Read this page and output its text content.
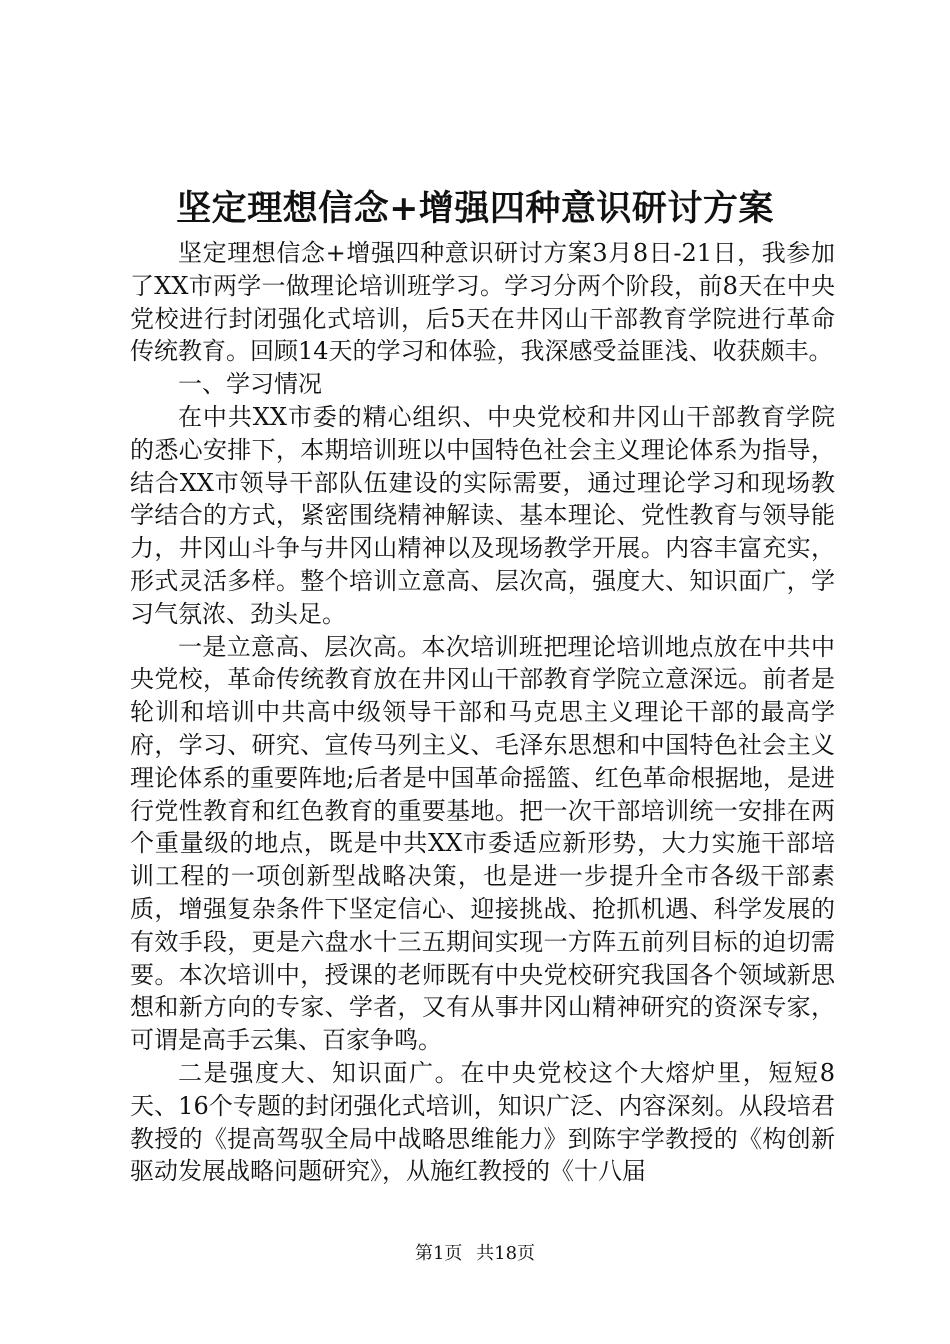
坚定理想信念+增强四种意识研讨方案

坚定理想信念+增强四种意识研讨方案3月8日-21日，我参加了XX市两学一做理论培训班学习。学习分两个阶段，前8天在中央党校进行封闭强化式培训，后5天在井冈山干部教育学院进行革命传统教育。回顾14天的学习和体验，我深感受益匪浅、收获颇丰。

一、学习情况

在中共XX市委的精心组织、中央党校和井冈山干部教育学院的悉心安排下，本期培训班以中国特色社会主义理论体系为指导，结合XX市领导干部队伍建设的实际需要，通过理论学习和现场教学结合的方式，紧密围绕精神解读、基本理论、党性教育与领导能力，井冈山斗争与井冈山精神以及现场教学开展。内容丰富充实，形式灵活多样。整个培训立意高、层次高，强度大、知识面广，学习气氛浓、劲头足。

一是立意高、层次高。本次培训班把理论培训地点放在中共中央党校，革命传统教育放在井冈山干部教育学院立意深远。前者是轮训和培训中共高中级领导干部和马克思主义理论干部的最高学府，学习、研究、宣传马列主义、毛泽东思想和中国特色社会主义理论体系的重要阵地;后者是中国革命摇篮、红色革命根据地，是进行党性教育和红色教育的重要基地。把一次干部培训统一安排在两个重量级的地点，既是中共XX市委适应新形势，大力实施干部培训工程的一项创新型战略决策，也是进一步提升全市各级干部素质，增强复杂条件下坚定信心、迎接挑战、抢抓机遇、科学发展的有效手段，更是六盘水十三五期间实现一方阵五前列目标的迫切需要。本次培训中，授课的老师既有中央党校研究我国各个领域新思想和新方向的专家、学者，又有从事井冈山精神研究的资深专家，可谓是高手云集、百家争鸣。

二是强度大、知识面广。在中央党校这个大熔炉里，短短8天、16个专题的封闭强化式培训，知识广泛、内容深刻。从段培君教授的《提高驾驭全局中战略思维能力》到陈宇学教授的《构创新驱动发展战略问题研究》，从施红教授的《十八届

第1页 共18页
